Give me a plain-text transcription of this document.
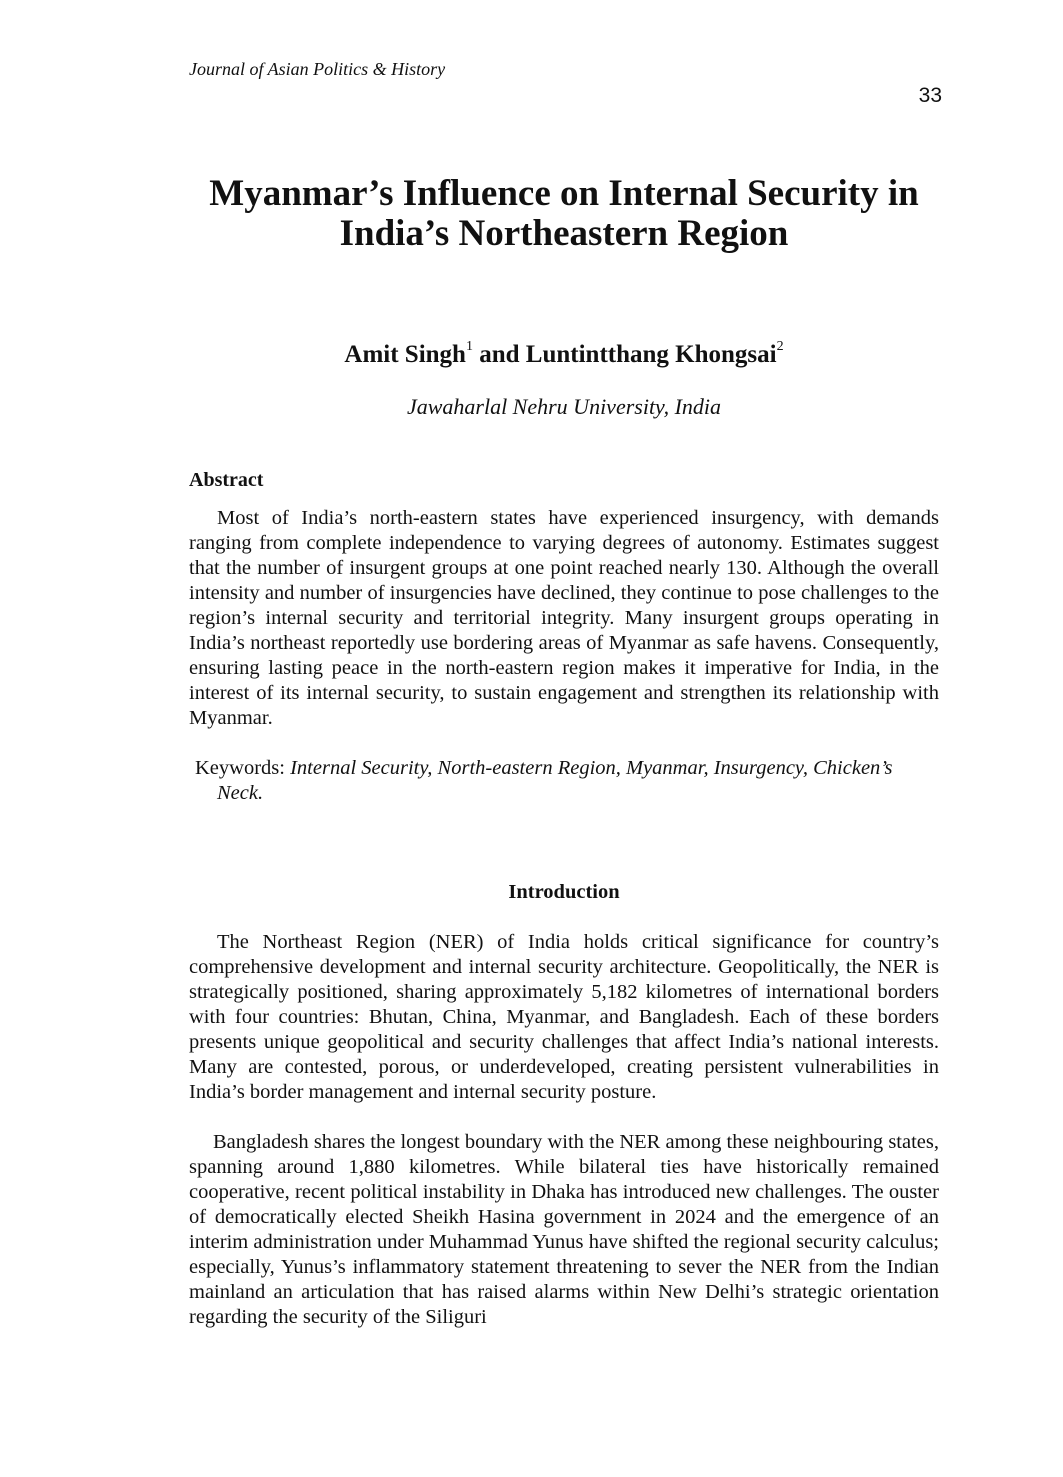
Journal of Asian Politics & History
33
Myanmar’s Influence on Internal Security in India’s Northeastern Region
Amit Singh$^1$ and Luntintthang Khongsai$^2$
Jawaharlal Nehru University, India
Abstract

Most of India’s north-eastern states have experienced insurgency, with demands ranging from complete independence to varying degrees of autonomy. Estimates suggest that the number of insurgent groups at one point reached nearly 130. Although the overall intensity and number of insurgencies have declined, they continue to pose challenges to the region’s internal security and territorial integrity. Many insurgent groups operating in India’s northeast reportedly use bordering areas of Myanmar as safe havens. Consequently, ensuring lasting peace in the north-eastern region makes it imperative for India, in the interest of its internal security, to sustain engagement and strengthen its relationship with Myanmar.

Keywords: Internal Security, North-eastern Region, Myanmar, Insurgency, Chicken’s Neck.
Introduction

The Northeast Region (NER) of India holds critical significance for country’s comprehensive development and internal security architecture. Geopolitically, the NER is strategically positioned, sharing approximately 5,182 kilometres of international borders with four countries: Bhutan, China, Myanmar, and Bangladesh. Each of these borders presents unique geopolitical and security challenges that affect India’s national interests. Many are contested, porous, or underdeveloped, creating persistent vulnerabilities in India’s border management and internal security posture.

Bangladesh shares the longest boundary with the NER among these neighbouring states, spanning around 1,880 kilometres. While bilateral ties have historically remained cooperative, recent political instability in Dhaka has introduced new challenges. The ouster of democratically elected Sheikh Hasina government in 2024 and the emergence of an interim administration under Muhammad Yunus have shifted the regional security calculus; especially, Yunus’s inflammatory statement threatening to sever the NER from the Indian mainland an articulation that has raised alarms within New Delhi’s strategic orientation regarding the security of the Siliguri
